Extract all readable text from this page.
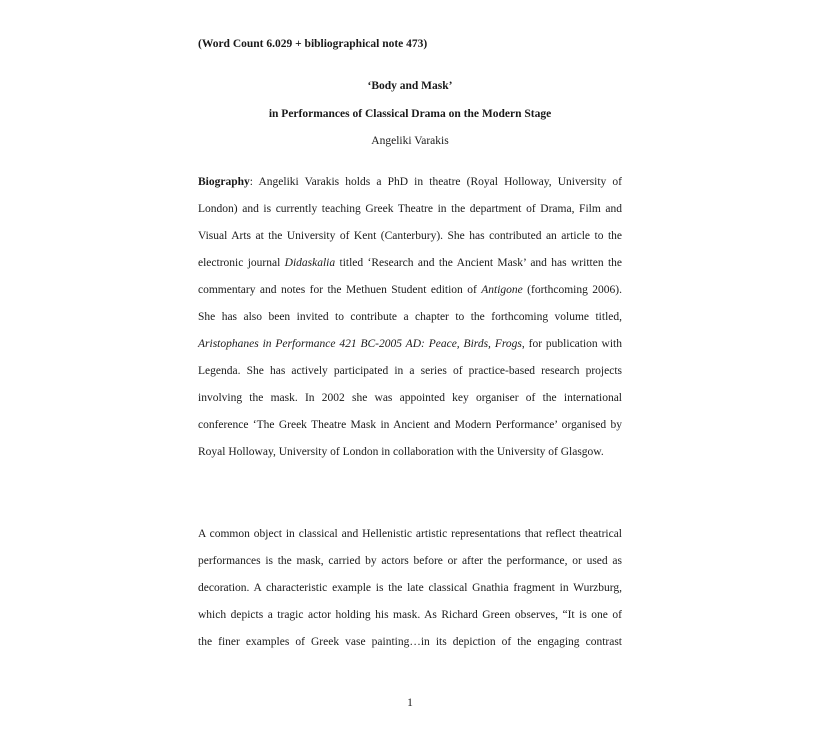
(Word Count 6.029 + bibliographical note 473)
‘Body and Mask’
in Performances of Classical Drama on the Modern Stage
Angeliki Varakis
Biography: Angeliki Varakis holds a PhD in theatre (Royal Holloway, University of
London) and is currently teaching Greek Theatre in the department of Drama, Film and
Visual Arts at the University of Kent (Canterbury). She has contributed an article to the
electronic journal Didaskalia titled ‘Research and the Ancient Mask’ and has written the
commentary and notes for the Methuen Student edition of Antigone (forthcoming 2006).
She has also been invited to contribute a chapter to the forthcoming volume titled,
Aristophanes in Performance 421 BC-2005 AD: Peace, Birds, Frogs, for publication with
Legenda. She has actively participated in a series of practice-based research projects
involving the mask. In 2002 she was appointed key organiser of the international
conference ‘The Greek Theatre Mask in Ancient and Modern Performance’ organised by
Royal Holloway, University of London in collaboration with the University of Glasgow.
A common object in classical and Hellenistic artistic representations that reflect theatrical
performances is the mask, carried by actors before or after the performance, or used as
decoration. A characteristic example is the late classical Gnathia fragment in Wurzburg,
which depicts a tragic actor holding his mask. As Richard Green observes, “It is one of
the finer examples of Greek vase painting…in its depiction of the engaging contrast
1
